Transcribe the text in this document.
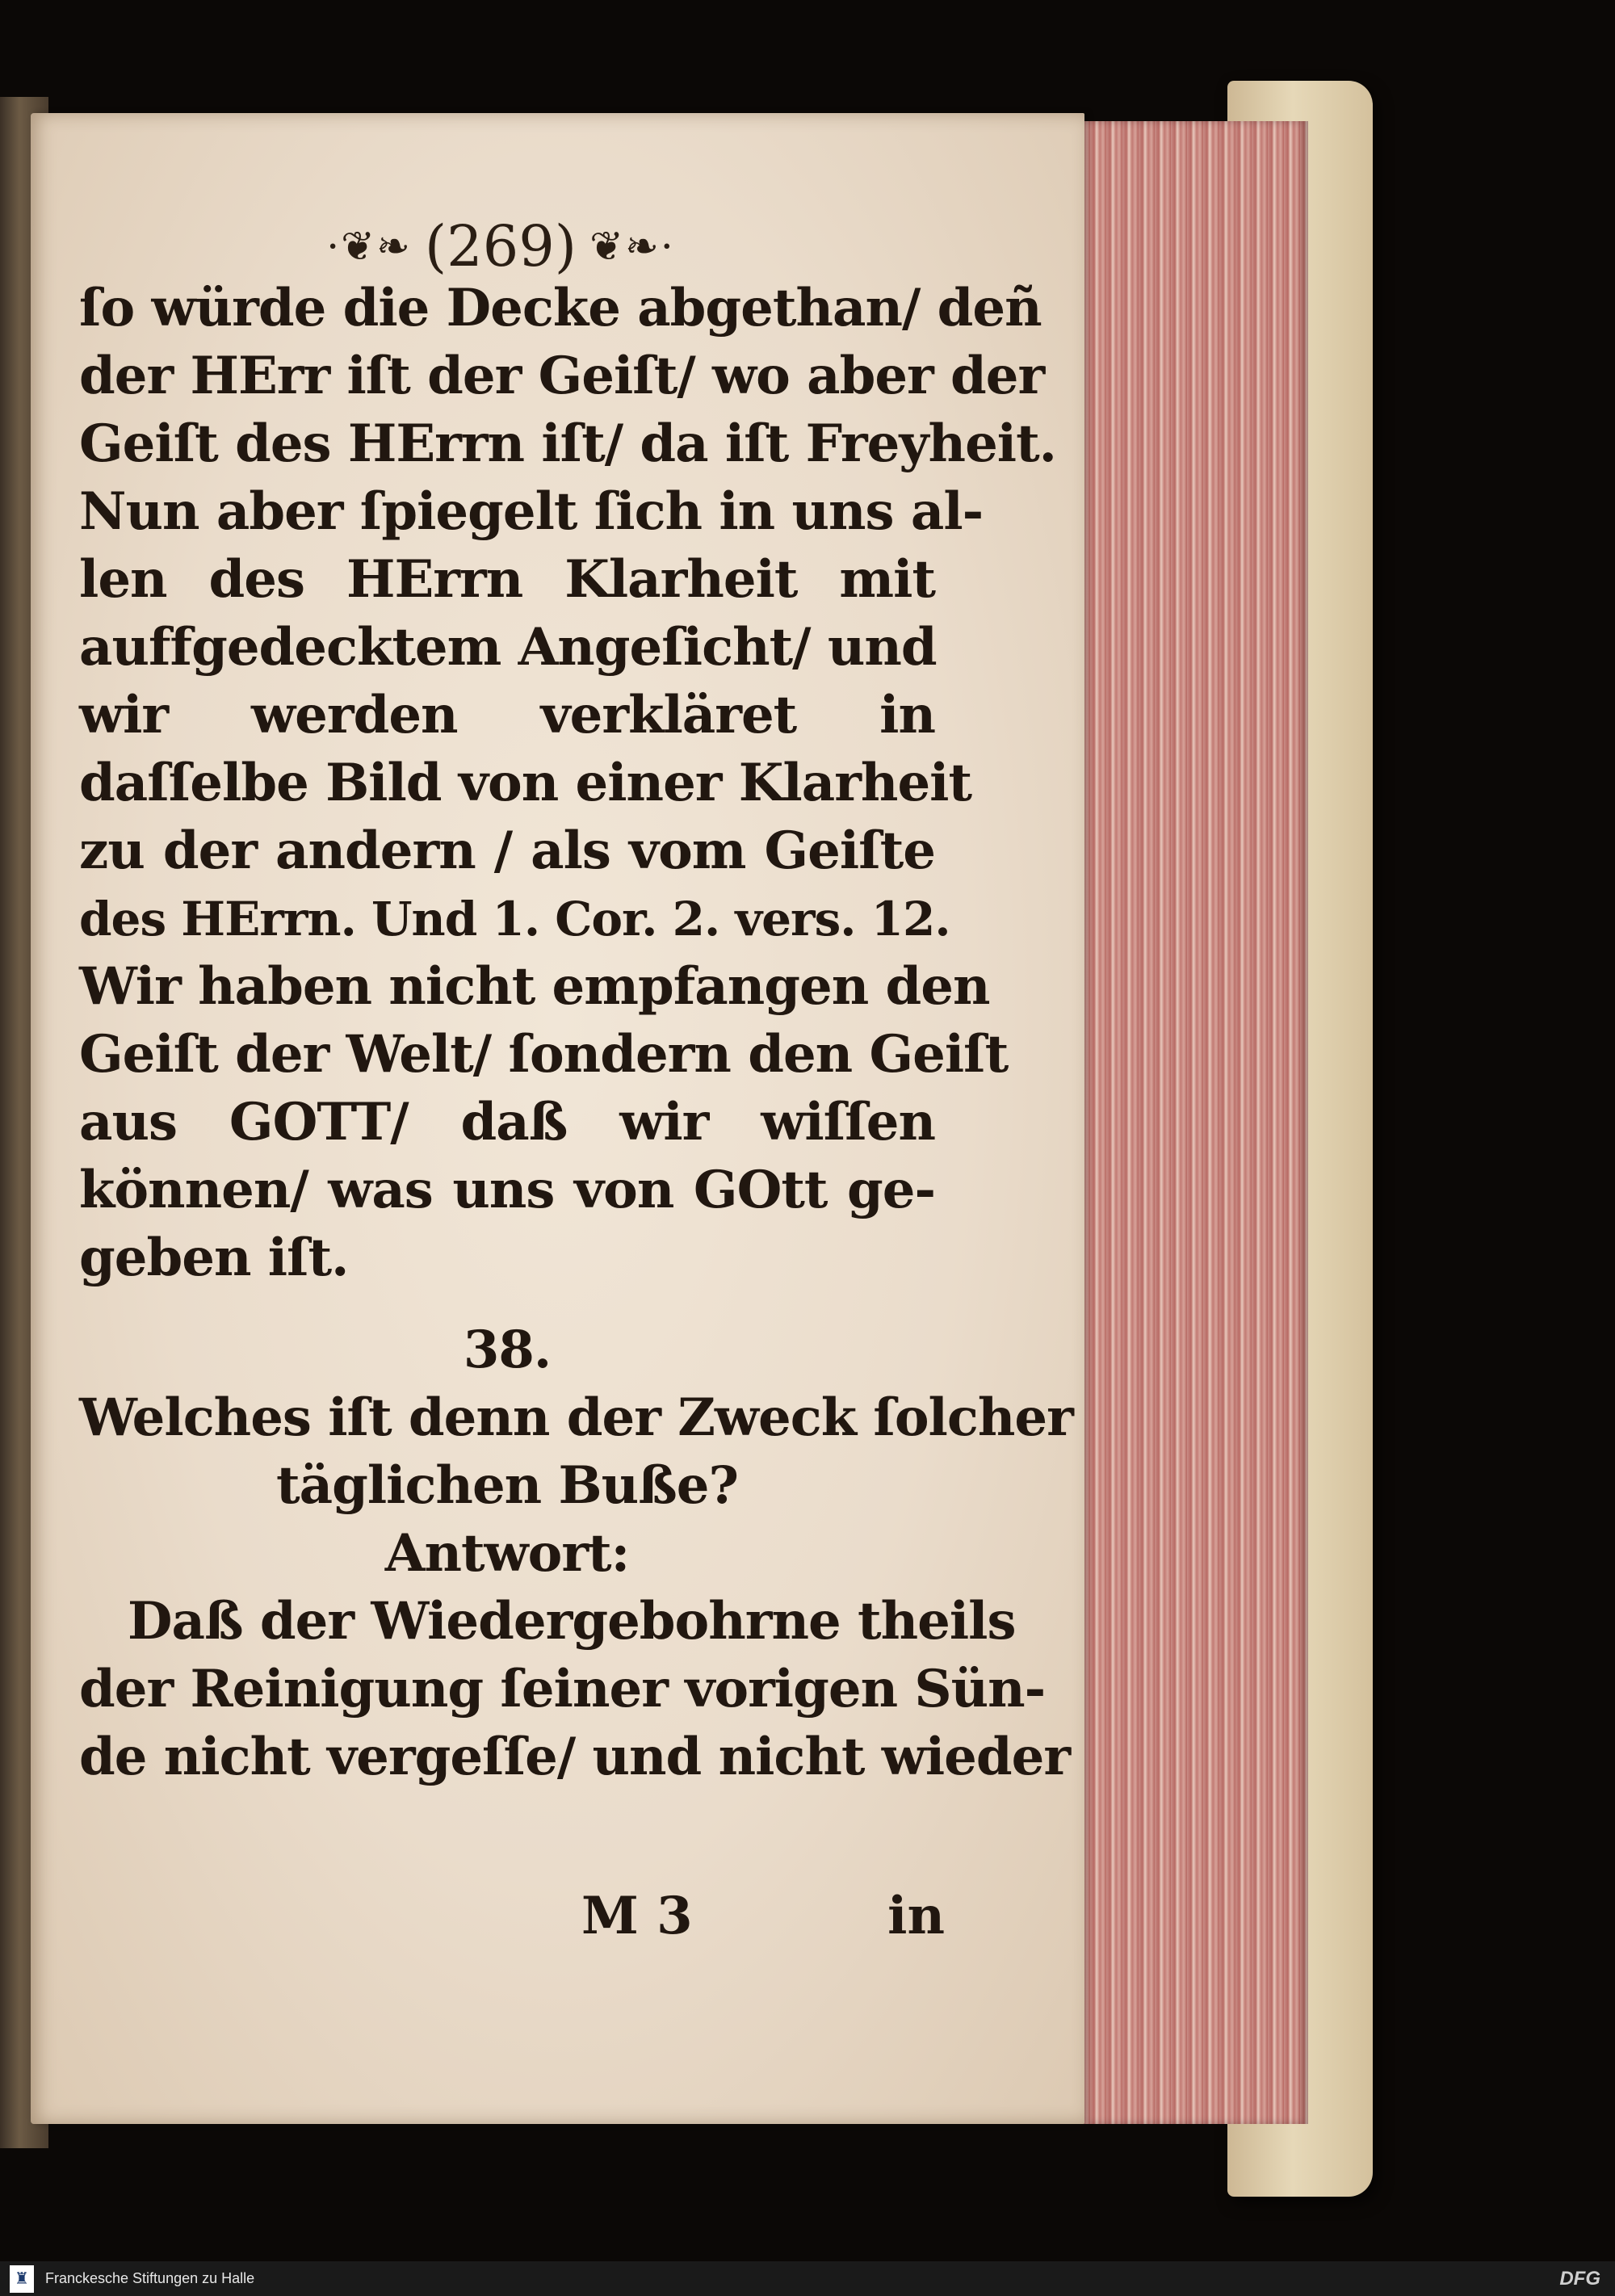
·❦❧ (269) ❦❧·
ſo würde die Decke abgethan/ deñ
der HErr iſt der Geiſt/ wo aber der
Geiſt des HErrn iſt/ da iſt Freyheit.
Nun aber ſpiegelt ſich in uns al-
len des HErrn Klarheit mit
auffgedecktem Angeſicht/ und
wir werden verkläret in
daſſelbe Bild von einer Klarheit
zu der andern / als vom Geiſte
des HErrn. Und 1. Cor. 2. vers. 12.
Wir haben nicht empfangen den
Geiſt der Welt/ ſondern den Geiſt
aus GOTT/ daß wir wiſſen
können/ was uns von GOtt ge-
geben iſt.
38.
Welches iſt denn der Zweck ſolcher
täglichen Buße?
Antwort:
Daß der Wiedergebohrne theils
der Reinigung ſeiner vorigen Sün-
de nicht vergeſſe/ und nicht wieder
M 3	in
♜ Franckesche Stiftungen zu Halle	DFG
